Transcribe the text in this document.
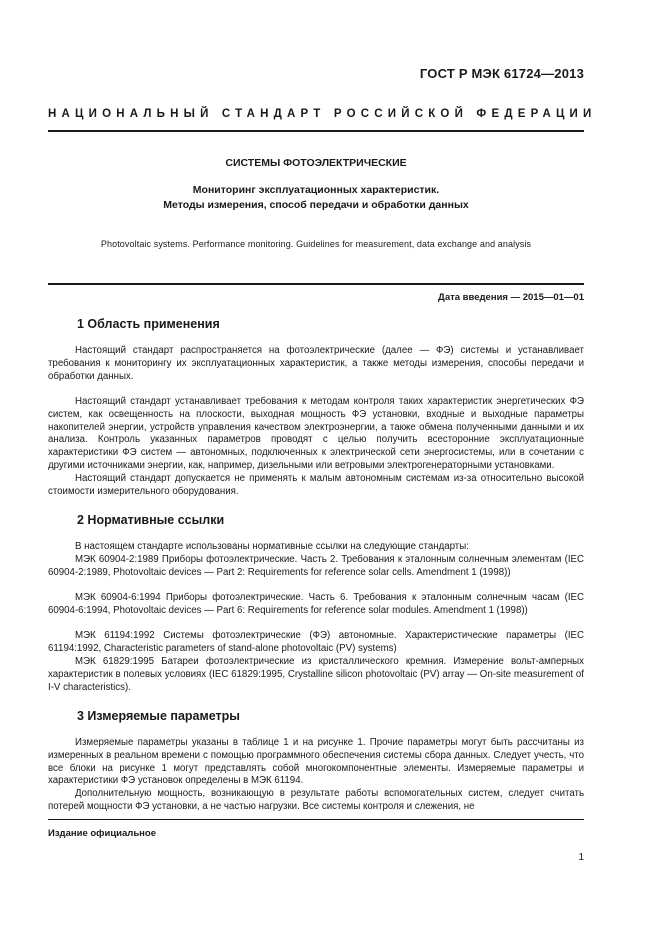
ГОСТ Р МЭК 61724—2013
НАЦИОНАЛЬНЫЙ СТАНДАРТ РОССИЙСКОЙ ФЕДЕРАЦИИ
СИСТЕМЫ ФОТОЭЛЕКТРИЧЕСКИЕ
Мониторинг эксплуатационных характеристик.
Методы измерения, способ передачи и обработки данных
Photovoltaic systems. Performance monitoring. Guidelines for measurement, data exchange and analysis
Дата введения — 2015—01—01
1 Область применения

Настоящий стандарт распространяется на фотоэлектрические (далее — ФЭ) системы и устанавливает требования к мониторингу их эксплуатационных характеристик, а также методы измерения, способы передачи и обработки данных.

Настоящий стандарт устанавливает требования к методам контроля таких характеристик энергетических ФЭ систем, как освещенность на плоскости, выходная мощность ФЭ установки, входные и выходные параметры накопителей энергии, устройств управления качеством электроэнергии, а также обмена полученными данными и их анализа. Контроль указанных параметров проводят с целью получить всесторонние эксплуатационные характеристики ФЭ систем — автономных, подключенных к электрической сети энергосистемы, или в сочетании с другими источниками энергии, как, например, дизельными или ветровыми электрогенераторными установками.

Настоящий стандарт допускается не применять к малым автономным системам из-за относительно высокой стоимости измерительного оборудования.

2 Нормативные ссылки

В настоящем стандарте использованы нормативные ссылки на следующие стандарты:

МЭК 60904-2:1989 Приборы фотоэлектрические. Часть 2. Требования к эталонным солнечным элементам (IEC 60904-2:1989, Photovoltaic devices — Part 2: Requirements for reference solar cells. Amendment 1 (1998))

МЭК 60904-6:1994 Приборы фотоэлектрические. Часть 6. Требования к эталонным солнечным часам (IEC 60904-6:1994, Photovoltaic devices — Part 6: Requirements for reference solar modules. Amendment 1 (1998))

МЭК 61194:1992 Системы фотоэлектрические (ФЭ) автономные. Характеристические параметры (IEC 61194:1992, Characteristic parameters of stand-alone photovoltaic (PV) systems)

МЭК 61829:1995 Батареи фотоэлектрические из кристаллического кремния. Измерение вольт-амперных характеристик в полевых условиях (IEC 61829:1995, Crystalline silicon photovoltaic (PV) array — On-site measurement of I-V characteristics).

3 Измеряемые параметры

Измеряемые параметры указаны в таблице 1 и на рисунке 1. Прочие параметры могут быть рассчитаны из измеренных в реальном времени с помощью программного обеспечения системы сбора данных. Следует учесть, что все блоки на рисунке 1 могут представлять собой многокомпонентные элементы. Измеряемые параметры и характеристики ФЭ установок определены в МЭК 61194.

Дополнительную мощность, возникающую в результате работы вспомогательных систем, следует считать потерей мощности ФЭ установки, а не частью нагрузки. Все системы контроля и слежения, не

Издание официальное
1
